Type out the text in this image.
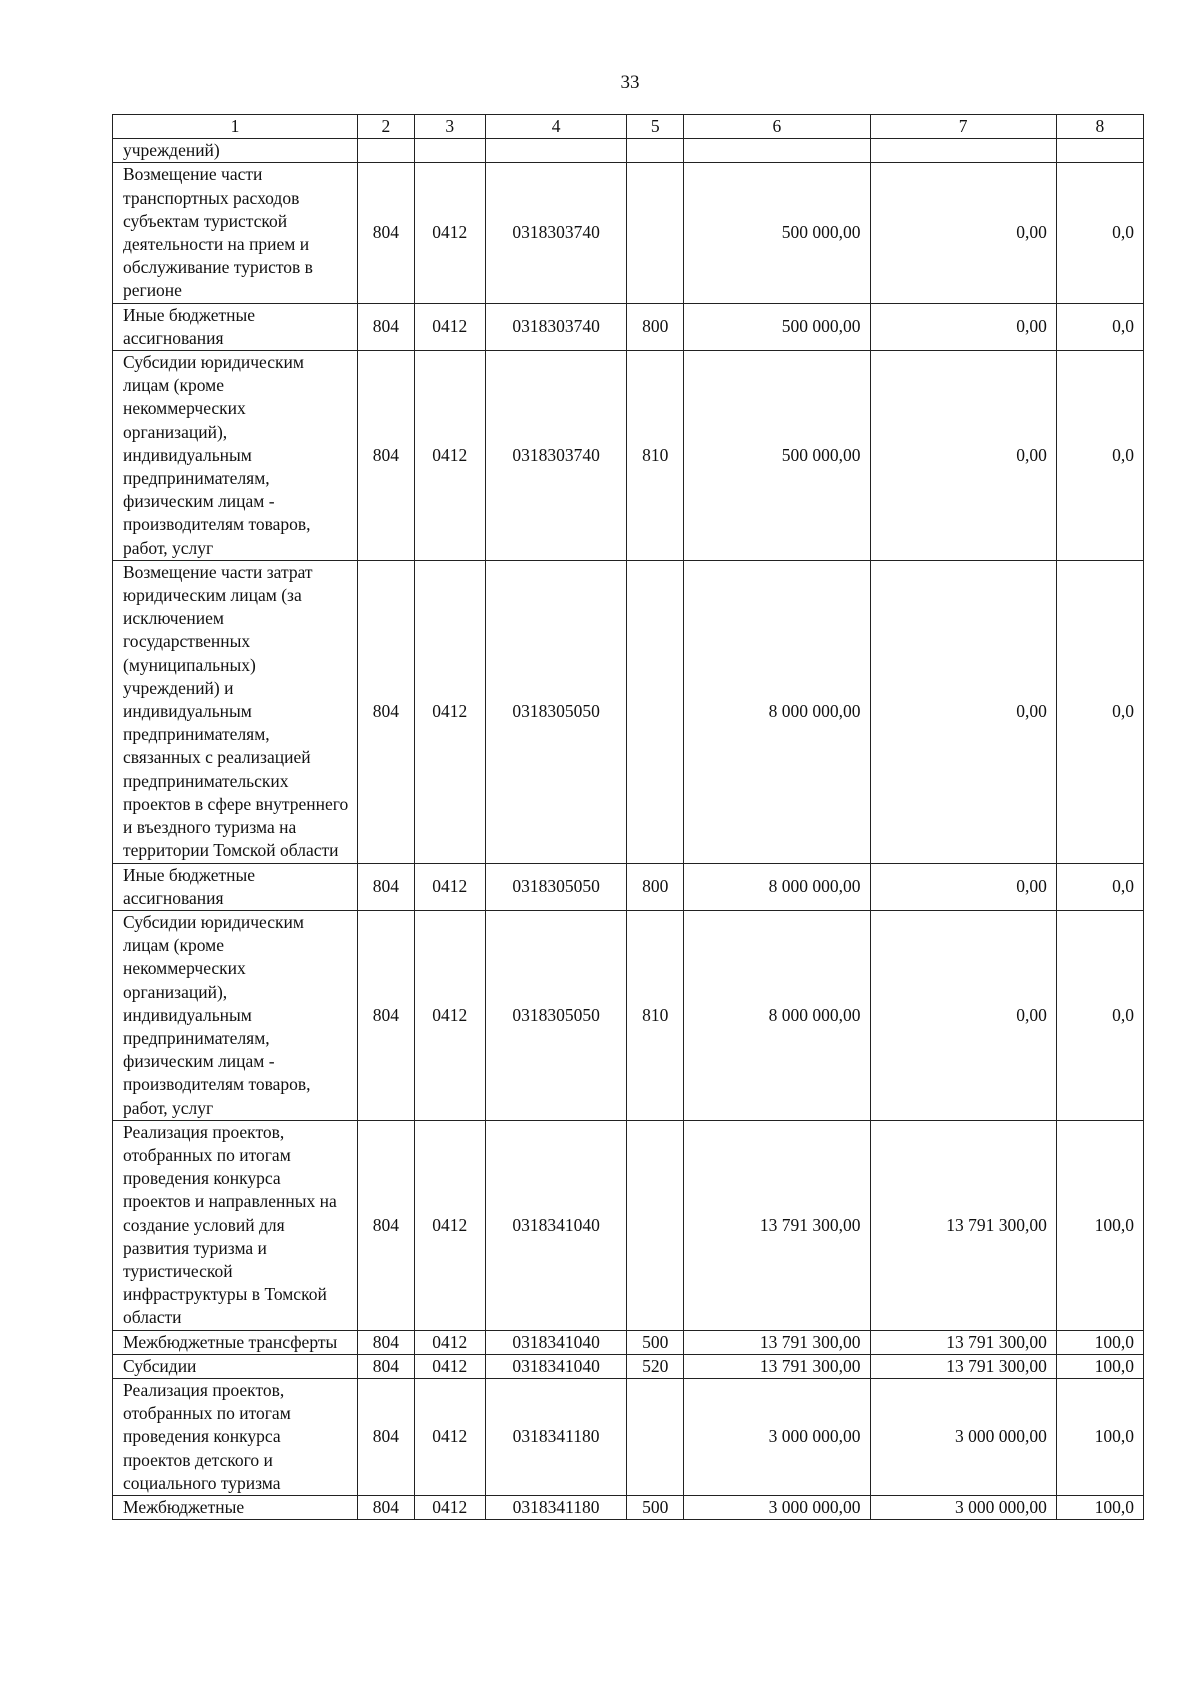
33
1	2	3	4	5	6	7	8
учреждений)							
Возмещение части транспортных расходов субъектам туристской деятельности на прием и обслуживание туристов в регионе	804	0412	0318303740		500 000,00	0,00	0,0
Иные бюджетные ассигнования	804	0412	0318303740	800	500 000,00	0,00	0,0
Субсидии юридическим лицам (кроме некоммерческих организаций), индивидуальным предпринимателям, физическим лицам - производителям товаров, работ, услуг	804	0412	0318303740	810	500 000,00	0,00	0,0
Возмещение части затрат юридическим лицам (за исключением государственных (муниципальных) учреждений) и индивидуальным предпринимателям, связанных с реализацией предпринимательских проектов в сфере внутреннего и въездного туризма на территории Томской области	804	0412	0318305050		8 000 000,00	0,00	0,0
Иные бюджетные ассигнования	804	0412	0318305050	800	8 000 000,00	0,00	0,0
Субсидии юридическим лицам (кроме некоммерческих организаций), индивидуальным предпринимателям, физическим лицам - производителям товаров, работ, услуг	804	0412	0318305050	810	8 000 000,00	0,00	0,0
Реализация проектов, отобранных по итогам проведения конкурса проектов и направленных на создание условий для развития туризма и туристической инфраструктуры в Томской области	804	0412	0318341040		13 791 300,00	13 791 300,00	100,0
Межбюджетные трансферты	804	0412	0318341040	500	13 791 300,00	13 791 300,00	100,0
Субсидии	804	0412	0318341040	520	13 791 300,00	13 791 300,00	100,0
Реализация проектов, отобранных по итогам проведения конкурса проектов детского и социального туризма	804	0412	0318341180		3 000 000,00	3 000 000,00	100,0
Межбюджетные	804	0412	0318341180	500	3 000 000,00	3 000 000,00	100,0
